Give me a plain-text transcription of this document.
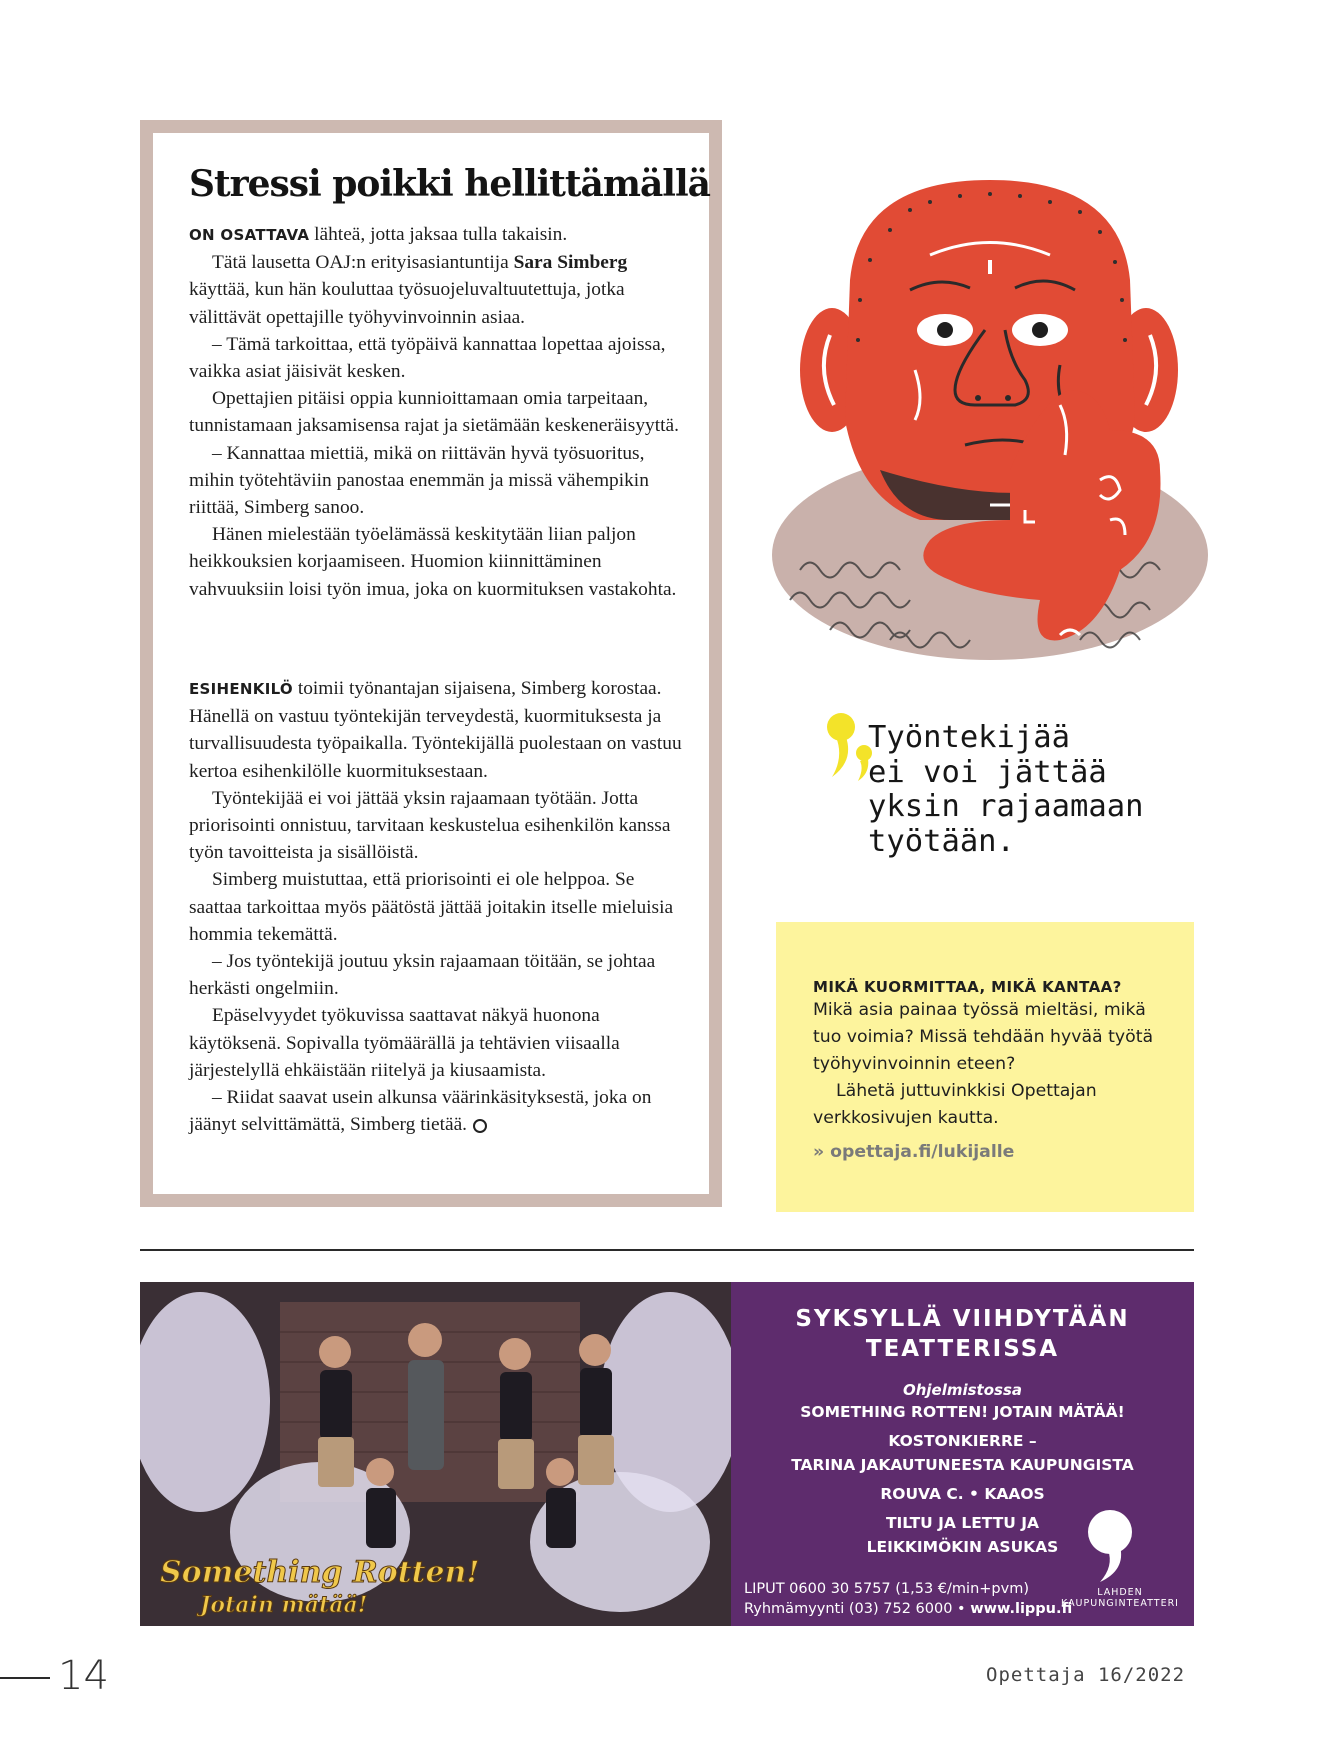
Stressi poikki hellittämällä

ON OSATTAVA lähteä, jotta jaksaa tulla takaisin.

Tätä lausetta OAJ:n erityisasiantuntija Sara Simberg käyttää, kun hän kouluttaa työsuojeluvaltuutettuja, jotka välittävät opettajille työhyvinvoinnin asiaa.

– Tämä tarkoittaa, että työpäivä kannattaa lopettaa ajoissa, vaikka asiat jäisivät kesken.

Opettajien pitäisi oppia kunnioittamaan omia tarpeitaan, tunnistamaan jaksamisensa rajat ja sietämään keskeneräisyyttä.

– Kannattaa miettiä, mikä on riittävän hyvä työsuoritus, mihin työtehtäviin panostaa enemmän ja missä vähempikin riittää, Simberg sanoo.

Hänen mielestään työelämässä keskitytään liian paljon heikkouksien korjaamiseen. Huomion kiinnittäminen vahvuuksiin loisi työn imua, joka on kuormituksen vastakohta.

ESIHENKILÖ toimii työnantajan sijaisena, Simberg korostaa. Hänellä on vastuu työntekijän terveydestä, kuormituksesta ja turvallisuudesta työpaikalla. Työntekijällä puolestaan on vastuu kertoa esihenkilölle kuormituksestaan.

Työntekijää ei voi jättää yksin rajaamaan työtään. Jotta priorisointi onnistuu, tarvitaan keskustelua esihenkilön kanssa työn tavoitteista ja sisällöistä.

Simberg muistuttaa, että priorisointi ei ole helppoa. Se saattaa tarkoittaa myös päätöstä jättää joitakin itselle mieluisia hommia tekemättä.

– Jos työntekijä joutuu yksin rajaamaan töitään, se johtaa herkästi ongelmiin.

Epäselvyydet työkuvissa saattavat näkyä huonona käytöksenä. Sopivalla työmäärällä ja tehtävien viisaalla järjestelyllä ehkäistään riitelyä ja kiusaamista.

– Riidat saavat usein alkunsa väärinkäsityksestä, joka on jäänyt selvittämättä, Simberg tietää.

Työntekijää
ei voi jättää
yksin rajaamaan
työtään.
MIKÄ KUORMITTAA, MIKÄ KANTAA?
Mikä asia painaa työssä mieltäsi, mikä tuo voimia? Missä tehdään hyvää työtä työhyvinvoinnin eteen?
Lähetä juttuvinkkisi Opettajan verkkosivujen kautta.
» opettaja.fi/lukijalle
Something Rotten!
Jotain mätää!
SYKSYLLÄ VIIHDYTÄÄN
TEATTERISSA
Ohjelmistossa
SOMETHING ROTTEN! JOTAIN MÄTÄÄ!
KOSTONKIERRE –
TARINA JAKAUTUNEESTA KAUPUNGISTA
ROUVA C. • KAAOS
TILTU JA LETTU JA
LEIKKIMÖKIN ASUKAS
LIPUT 0600 30 5757 (1,53 €/min+pvm)
Ryhmämyynti (03) 752 6000 • www.lippu.fi
LAHDEN
KAUPUNGINTEATTERI
14	Opettaja 16/2022
